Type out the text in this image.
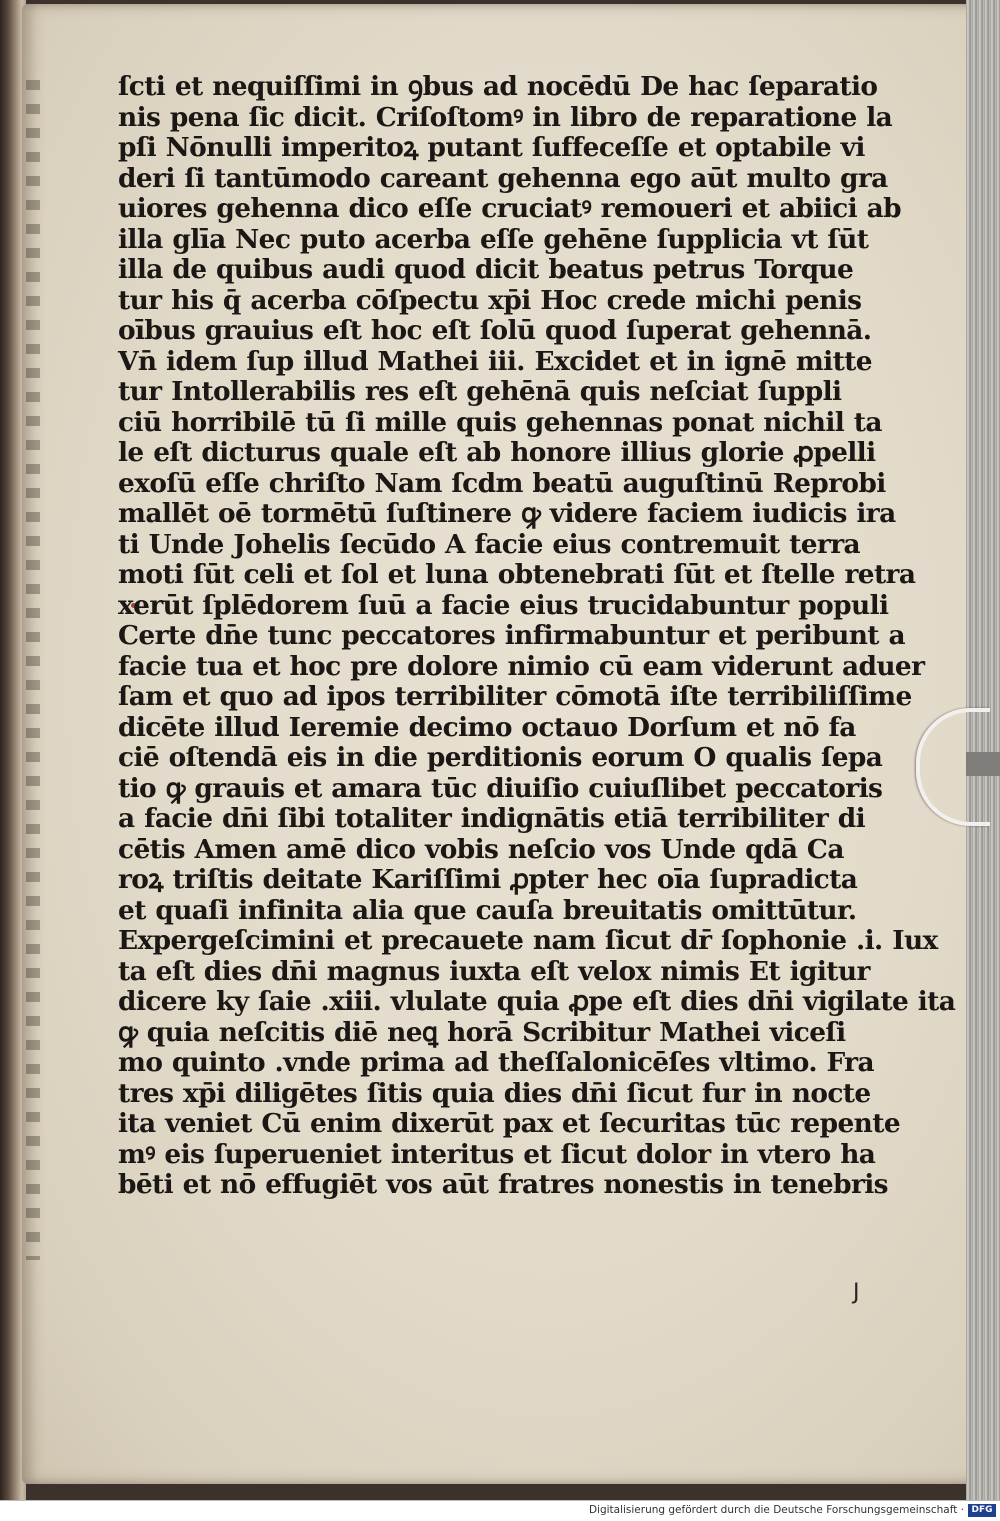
ſcti et nequiſſimi in ꝯbus ad nocēdū De hac ſeparatio
nis pena ſic dicit. Criſoſtomꝰ in libro de reparatione la
pſi Nōnulli imperitoꝝ putant ſuffeceſſe et optabile vi
deri ſi tantūmodo careant gehenna ego aūt multo gra
uiores gehenna dico eſſe cruciatꝰ remoueri et abiici ab
illa glīa Nec puto acerba eſſe gehēne ſupplicia vt ſūt
illa de quibus audi quod dicit beatus petrus Torque
tur his q̄ acerba cōſpectu xp̄i Hoc crede michi penis
oībus grauius eſt hoc eſt ſolū quod ſuperat gehennā.
Vn̄ idem ſup illud Mathei iii. Excidet et in ignē mitte
tur Intollerabilis res eſt gehēnā quis neſciat ſuppli
ciū horribilē tū ſi mille quis gehennas ponat nichil ta
le eſt dicturus quale eſt ab honore illius glorie ꝓpelli
exoſū eſſe chriſto Nam ſcdm beatū auguſtinū Reprobi
mallēt oē tormētū ſuſtinere ꝙ videre faciem iudicis ira
ti Unde Johelis ſecūdo A facie eius contremuit terra
moti ſūt celi et ſol et luna obtenebrati ſūt et ſtelle retra
xerūt ſplēdorem ſuū a facie eius trucidabuntur populi
Certe dn̄e tunc peccatores infirmabuntur et peribunt a
facie tua et hoc pre dolore nimio cū eam viderunt aduer
ſam et quo ad ipos terribiliter cōmotā iſte terribiliſſime
dicēte illud Ieremie decimo octauo Dorſum et nō fa
ciē oſtendā eis in die perditionis eorum O qualis ſepa
tio ꝙ grauis et amara tūc diuiſio cuiuſlibet peccatoris
a facie dn̄i ſibi totaliter indignātis etiā terribiliter di
cētis Amen amē dico vobis neſcio vos Unde qdā Ca
roꝝ triſtis deitate Kariſſimi ꝓpter hec oīa ſupradicta
et quaſi infinita alia que cauſa breuitatis omittūtur.
Expergeſcimini et precauete nam ſicut dr̄ ſophonie .i. Iux
ta eſt dies dn̄i magnus iuxta eſt velox nimis Et igitur
dicere ky ſaie .xiii. vlulate quia ꝓpe eſt dies dn̄i vigilate ita
ꝙ quia neſcitis diē neꝗ horā Scribitur Mathei viceſi
mo quinto .vnde prima ad theſſalonicēſes vltimo. Fra
tres xp̄i diligētes ſitis quia dies dn̄i ſicut fur in nocte
ita veniet Cū enim dixerūt pax et ſecuritas tūc repente
mꝰ eis ſuperueniet interitus et ſicut dolor in vtero ha
bēti et nō effugiēt vos aūt fratres nonestis in tenebris
J
Digitalisierung gefördert durch die Deutsche Forschungsgemeinschaft · DFG
